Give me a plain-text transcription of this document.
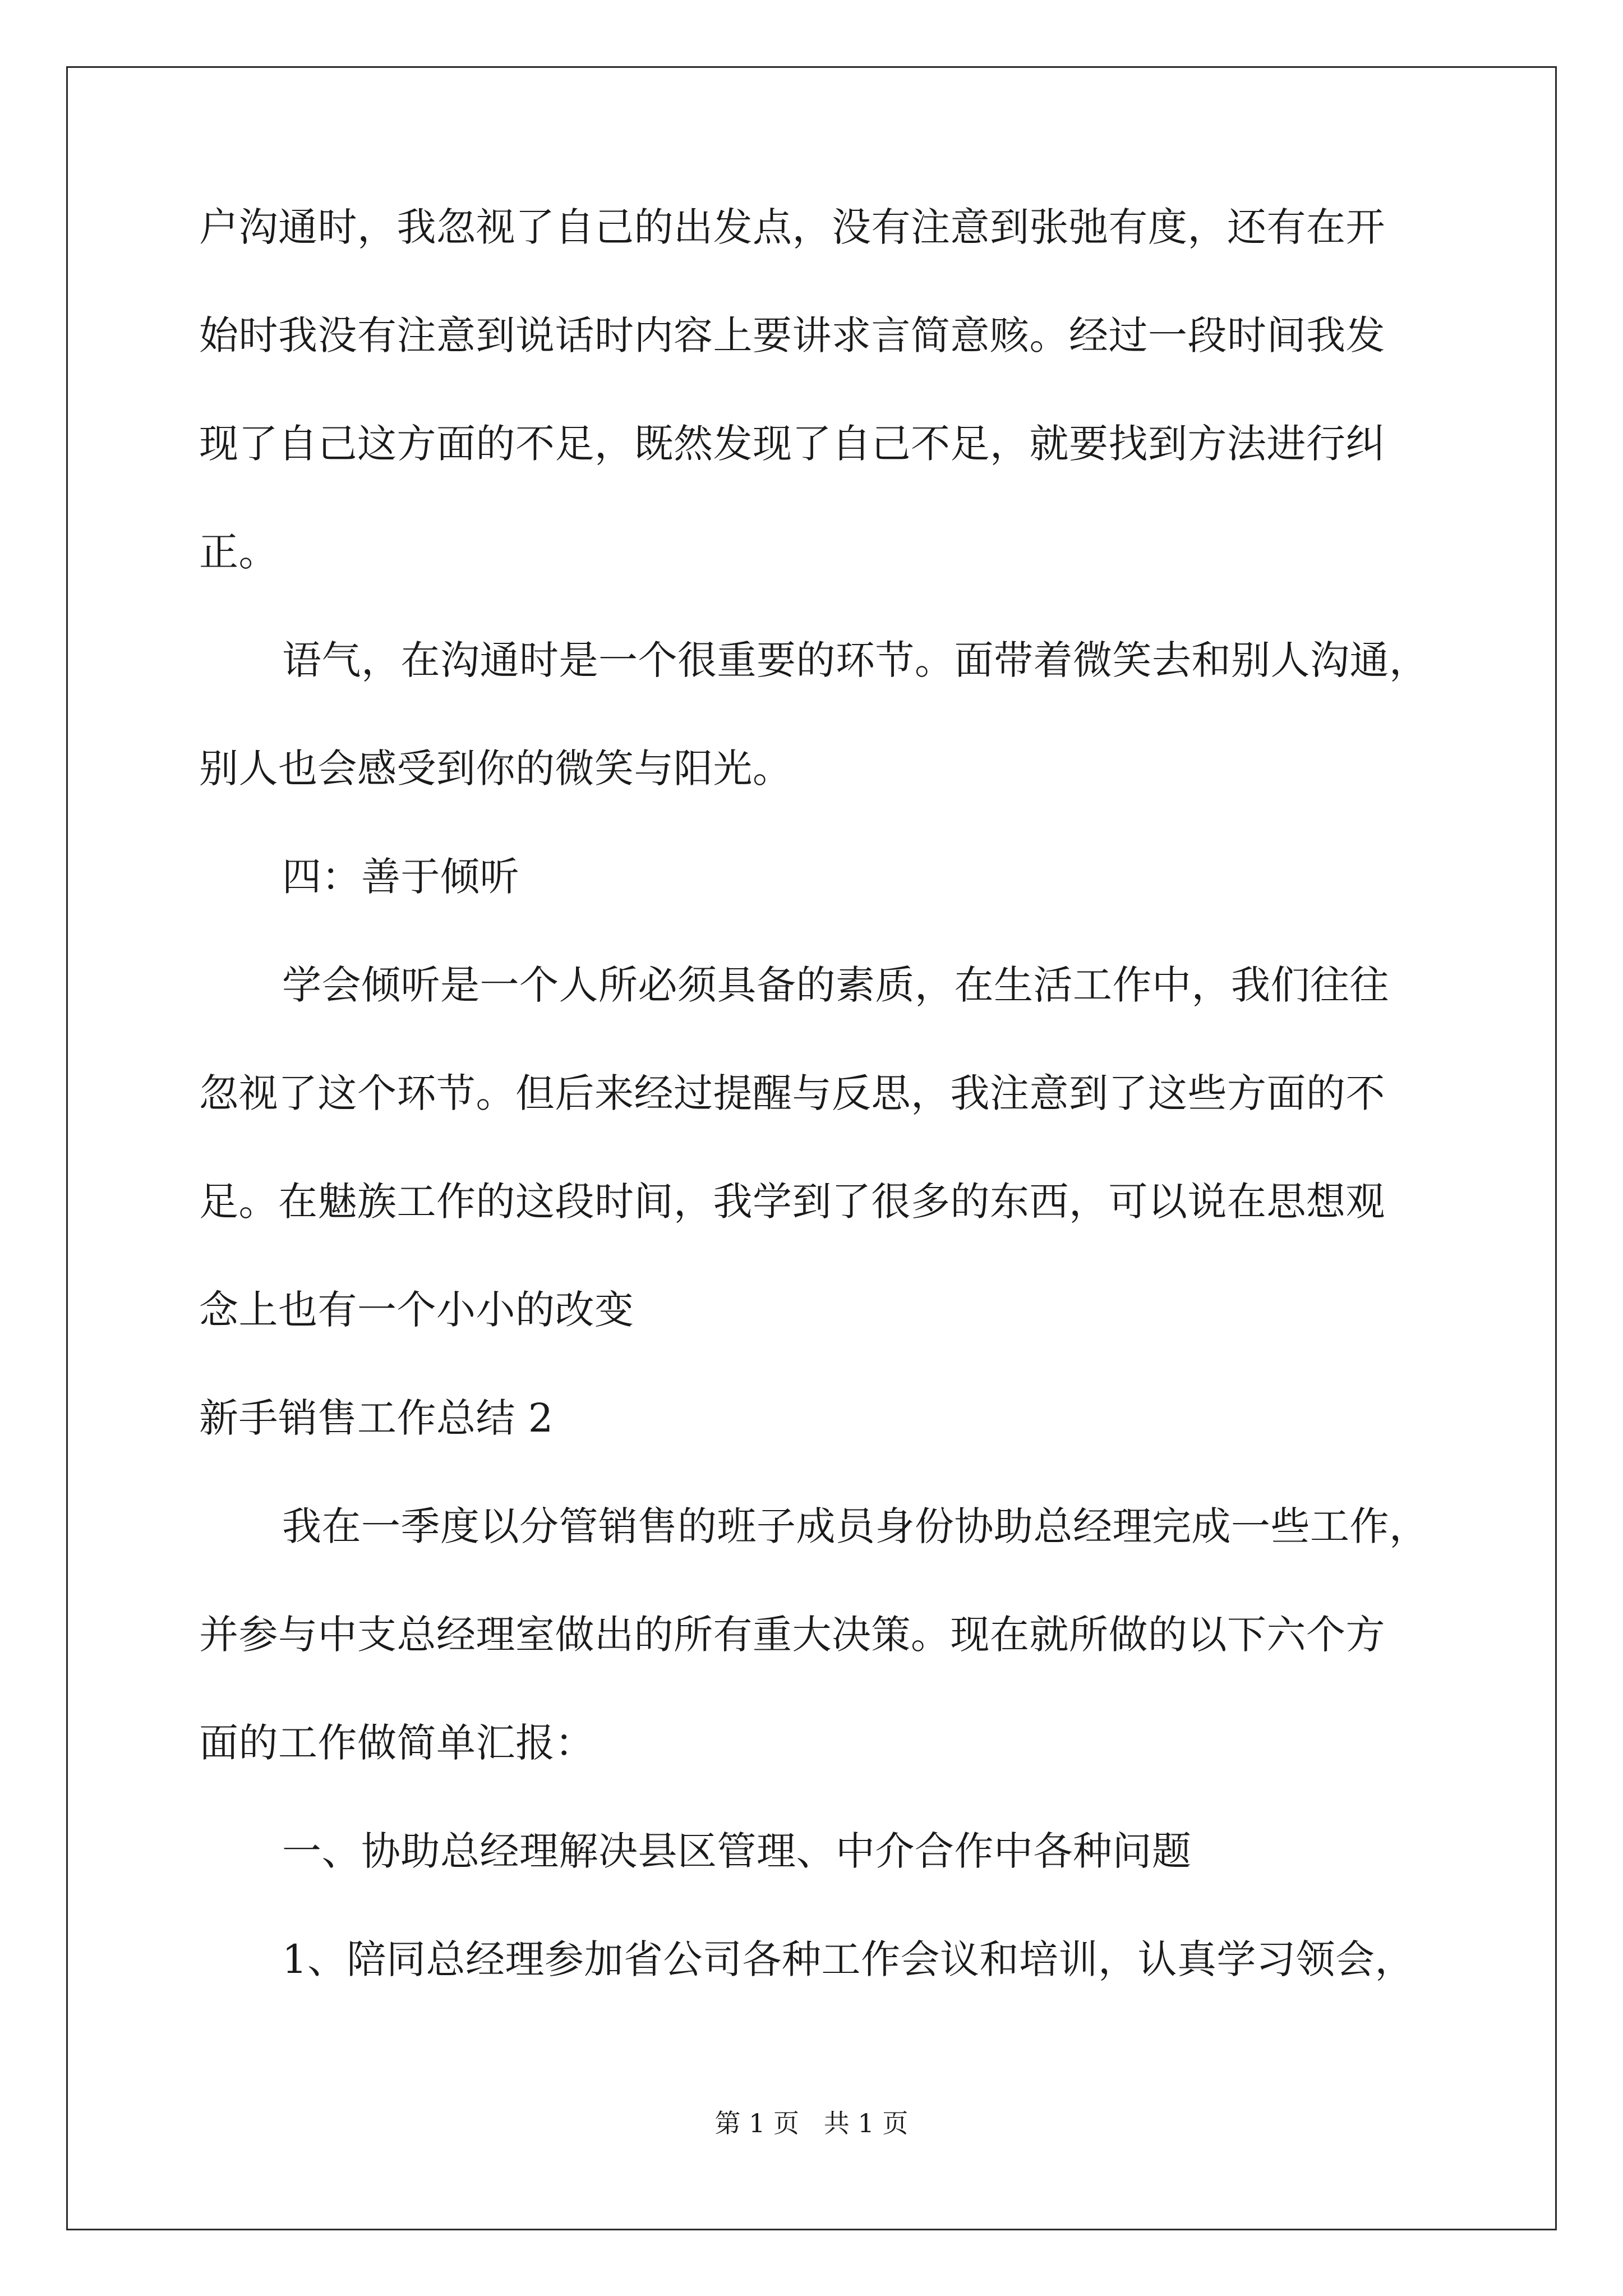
户沟通时，我忽视了自己的出发点，没有注意到张弛有度，还有在开
始时我没有注意到说话时内容上要讲求言简意赅。经过一段时间我发
现了自己这方面的不足，既然发现了自己不足，就要找到方法进行纠
正。
语气，在沟通时是一个很重要的环节。面带着微笑去和别人沟通，
别人也会感受到你的微笑与阳光。
四：善于倾听
学会倾听是一个人所必须具备的素质，在生活工作中，我们往往
忽视了这个环节。但后来经过提醒与反思，我注意到了这些方面的不
足。在魅族工作的这段时间，我学到了很多的东西，可以说在思想观
念上也有一个小小的改变
新手销售工作总结 2
我在一季度以分管销售的班子成员身份协助总经理完成一些工作，
并参与中支总经理室做出的所有重大决策。现在就所做的以下六个方
面的工作做简单汇报：
一、协助总经理解决县区管理、中介合作中各种问题
1、陪同总经理参加省公司各种工作会议和培训，认真学习领会，
第 1 页   共 1 页
